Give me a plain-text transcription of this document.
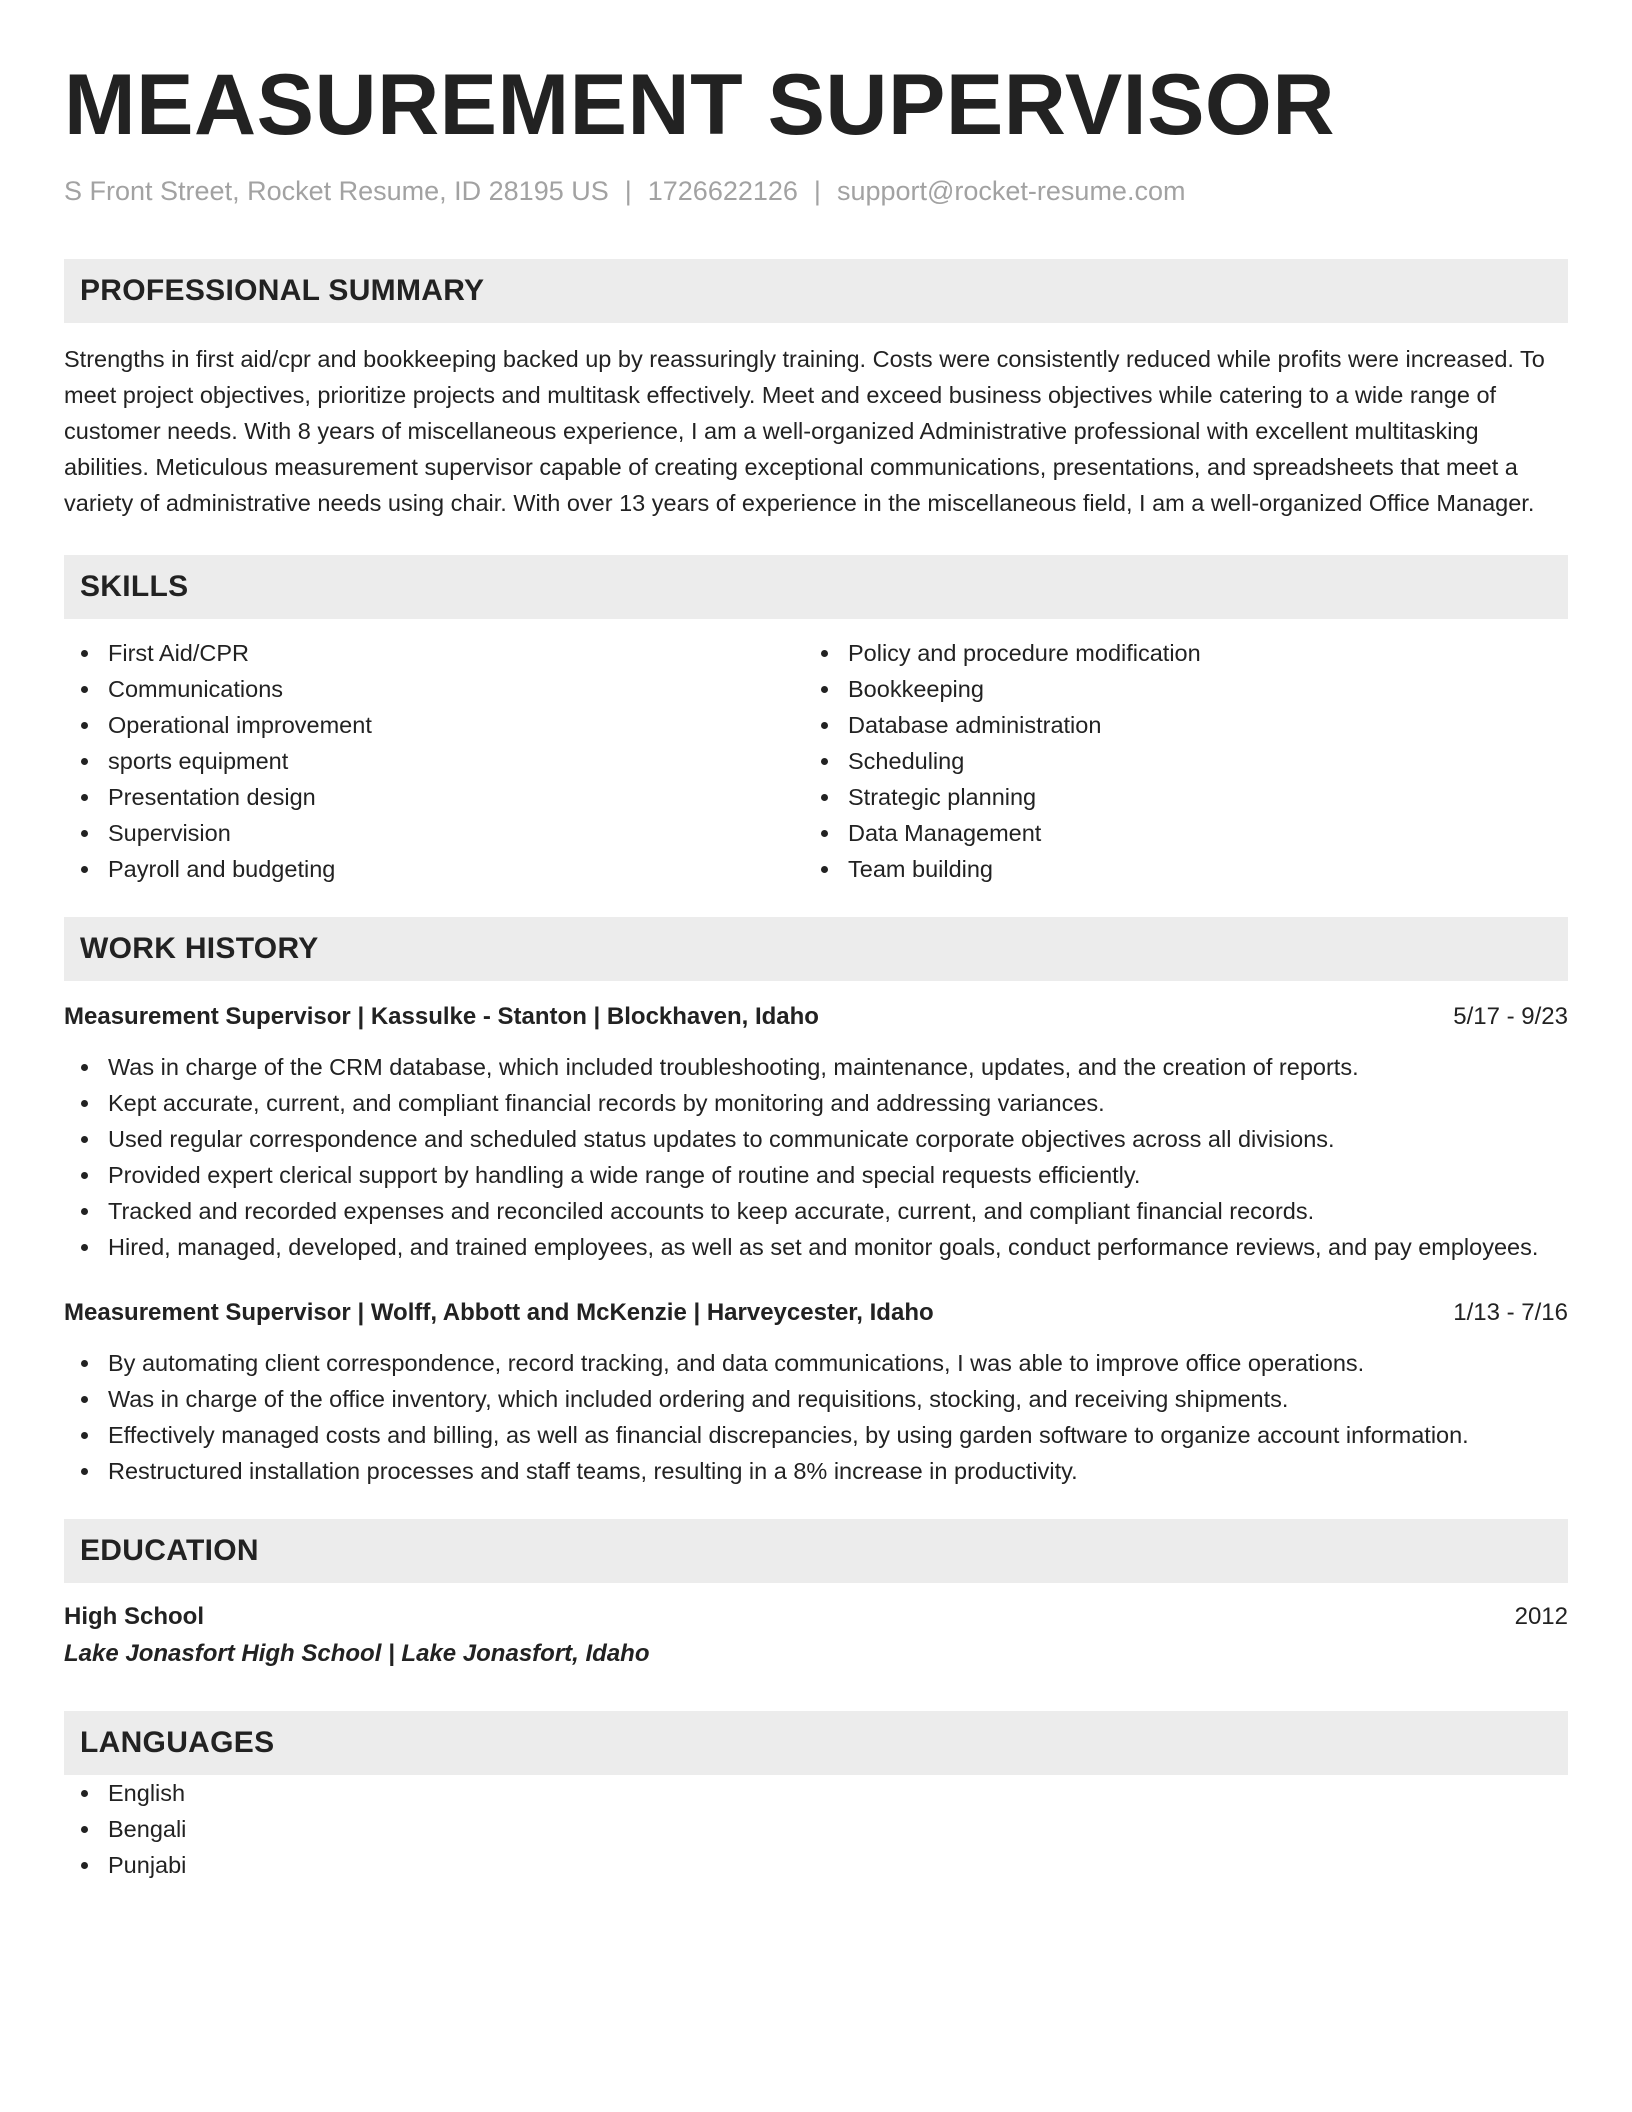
MEASUREMENT SUPERVISOR
S Front Street, Rocket Resume, ID 28195 US | 1726622126 | support@rocket-resume.com
PROFESSIONAL SUMMARY
Strengths in first aid/cpr and bookkeeping backed up by reassuringly training. Costs were consistently reduced while profits were increased. To meet project objectives, prioritize projects and multitask effectively. Meet and exceed business objectives while catering to a wide range of customer needs. With 8 years of miscellaneous experience, I am a well-organized Administrative professional with excellent multitasking abilities. Meticulous measurement supervisor capable of creating exceptional communications, presentations, and spreadsheets that meet a variety of administrative needs using chair. With over 13 years of experience in the miscellaneous field, I am a well-organized Office Manager.
SKILLS
First Aid/CPR
Communications
Operational improvement
sports equipment
Presentation design
Supervision
Payroll and budgeting
Policy and procedure modification
Bookkeeping
Database administration
Scheduling
Strategic planning
Data Management
Team building
WORK HISTORY
Measurement Supervisor | Kassulke - Stanton | Blockhaven, Idaho	5/17 - 9/23
Was in charge of the CRM database, which included troubleshooting, maintenance, updates, and the creation of reports.
Kept accurate, current, and compliant financial records by monitoring and addressing variances.
Used regular correspondence and scheduled status updates to communicate corporate objectives across all divisions.
Provided expert clerical support by handling a wide range of routine and special requests efficiently.
Tracked and recorded expenses and reconciled accounts to keep accurate, current, and compliant financial records.
Hired, managed, developed, and trained employees, as well as set and monitor goals, conduct performance reviews, and pay employees.
Measurement Supervisor | Wolff, Abbott and McKenzie | Harveycester, Idaho	1/13 - 7/16
By automating client correspondence, record tracking, and data communications, I was able to improve office operations.
Was in charge of the office inventory, which included ordering and requisitions, stocking, and receiving shipments.
Effectively managed costs and billing, as well as financial discrepancies, by using garden software to organize account information.
Restructured installation processes and staff teams, resulting in a 8% increase in productivity.
EDUCATION
High School	2012
Lake Jonasfort High School | Lake Jonasfort, Idaho
LANGUAGES
English
Bengali
Punjabi
